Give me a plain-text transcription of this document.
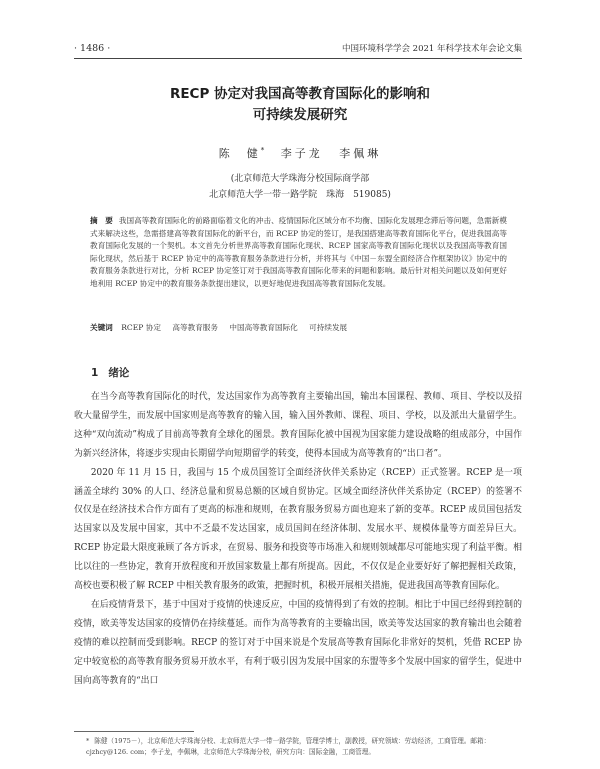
· 1486 ·	中国环境科学学会 2021 年科学技术年会论文集
RECP 协定对我国高等教育国际化的影响和
可持续发展研究
陈　健* 李子龙 李佩琳
(北京师范大学珠海分校国际商学部
北京师范大学一带一路学院　珠海　519085)
摘　要 我国高等教育国际化的前路面临着文化的冲击、疫情国际化区域分布不均衡、国际化发展理念滞后等问题，急需新模式来解决这些，急需搭建高等教育国际化的新平台，而 RCEP 协定的签订，是我国搭建高等教育国际化平台，促进我国高等教育国际化发展的一个契机。本文首先分析世界高等教育国际化现状、RCEP 国家高等教育国际化现状以及我国高等教育国际化现状，然后基于 RCEP 协定中的高等教育服务条款进行分析，并将其与《中国－东盟全面经济合作框架协议》协定中的教育服务条款进行对比，分析 RCEP 协定签订对于我国高等教育国际化带来的问题和影响。最后针对相关问题以及如何更好地利用 RCEP 协定中的教育服务条款提出建议，以更好地促进我国高等教育国际化发展。
关键词 RCEP 协定 高等教育服务 中国高等教育国际化 可持续发展
1 绪论

在当今高等教育国际化的时代，发达国家作为高等教育主要输出国，输出本国课程、教师、项目、学校以及招收大量留学生，而发展中国家则是高等教育的输入国，输入国外教师、课程、项目、学校，以及派出大量留学生。这种“双向流动”构成了目前高等教育全球化的图景。教育国际化被中国视为国家能力建设战略的组成部分，中国作为新兴经济体，将逐步实现由长期留学向短期留学的转变，使得本国成为高等教育的“出口者”。

2020 年 11 月 15 日，我国与 15 个成员国签订全面经济伙伴关系协定（RCEP）正式签署。RCEP 是一项涵盖全球约 30% 的人口、经济总量和贸易总额的区域自贸协定。区域全面经济伙伴关系协定（RCEP）的签署不仅仅是在经济技术合作方面有了更高的标准和规则，在教育服务贸易方面也迎来了新的变革。RCEP 成员国包括发达国家以及发展中国家，其中不乏最不发达国家，成员国间在经济体制、发展水平、规模体量等方面差异巨大。RCEP 协定最大限度兼顾了各方诉求，在贸易、服务和投资等市场准入和规则领域都尽可能地实现了利益平衡。相比以往的一些协定，教育开放程度和开放国家数量上都有所提高。因此，不仅仅是企业要好好了解把握相关政策，高校也要积极了解 RCEP 中相关教育服务的政策，把握时机，积极开展相关措施，促进我国高等教育国际化。

在后疫情背景下，基于中国对于疫情的快速反应，中国的疫情得到了有效的控制。相比于中国已经得到控制的疫情，欧美等发达国家的疫情仍在持续蔓延。而作为高等教育的主要输出国，欧美等发达国家的教育输出也会随着疫情的难以控制而受到影响。RECP 的签订对于中国来说是个发展高等教育国际化非常好的契机，凭借 RCEP 协定中较宽松的高等教育服务贸易开放水平，有利于吸引因为发展中国家的东盟等多个发展中国家的留学生，促进中国向高等教育的“出口

* 陈健（1975－），北京师范大学珠海分校、北京师范大学一带一路学院，管理学博士，副教授，研究领域：劳动经济，工商管理。邮箱：cjzhcy@126. com；李子龙，李佩琳，北京师范大学珠海分校，研究方向：国际金融，工商管理。
